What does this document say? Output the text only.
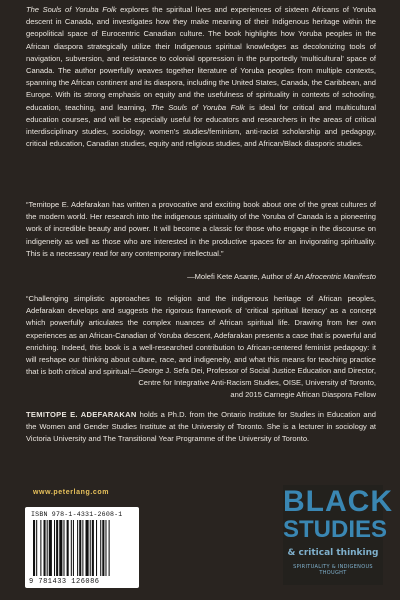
The Souls of Yoruba Folk explores the spiritual lives and experiences of sixteen Africans of Yoruba descent in Canada, and investigates how they make meaning of their Indigenous heritage within the geopolitical space of Eurocentric Canadian culture. The book highlights how Yoruba peoples in the African diaspora strategically utilize their Indigenous spiritual knowledges as decolonizing tools of navigation, subversion, and resistance to colonial oppression in the purportedly ‘multicultural’ space of Canada. The author powerfully weaves together literature of Yoruba peoples from multiple contexts, spanning the African continent and its diaspora, including the United States, Canada, the Caribbean, and Europe. With its strong emphasis on equity and the usefulness of spirituality in contexts of schooling, education, teaching, and learning, The Souls of Yoruba Folk is ideal for critical and multicultural education courses, and will be especially useful for educators and researchers in the areas of critical interdisciplinary studies, sociology, women’s studies/feminism, anti-racist scholarship and pedagogy, critical education, Canadian studies, equity and religious studies, and African/Black diasporic studies.

“Temitope E. Adefarakan has written a provocative and exciting book about one of the great cultures of the modern world. Her research into the indigenous spirituality of the Yoruba of Canada is a pioneering work of incredible beauty and power. It will become a classic for those who engage in the discourse on indigeneity as well as those who are interested in the productive spaces for an invigorating spirituality. This is a necessary read for any contemporary intellectual.”

—Molefi Kete Asante, Author of An Afrocentric Manifesto

“Challenging simplistic approaches to religion and the indigenous heritage of African peoples, Adefarakan develops and suggests the rigorous framework of ‘critical spiritual literacy’ as a concept which powerfully articulates the complex nuances of African spiritual life. Drawing from her own experiences as an African-Canadian of Yoruba descent, Adefarakan presents a case that is powerful and enriching. Indeed, this book is a well-researched contribution to African-centered feminist pedagogy: it will reshape our thinking about culture, race, and indigeneity, and what this means for teaching practice that is both critical and spiritual.”

—George J. Sefa Dei, Professor of Social Justice Education and Director,
Centre for Integrative Anti-Racism Studies, OISE, University of Toronto,
and 2015 Carnegie African Diaspora Fellow

TEMITOPE E. ADEFARAKAN holds a Ph.D. from the Ontario Institute for Studies in Education and the Women and Gender Studies Institute at the University of Toronto. She is a lecturer in sociology at Victoria University and The Transitional Year Programme of the University of Toronto.

www.peterlang.com
ISBN 978-1-4331-2608-1
9 781433 126086
BLACK
STUDIES
& critical thinking
SPIRITUALITY & INDIGENOUS THOUGHT
